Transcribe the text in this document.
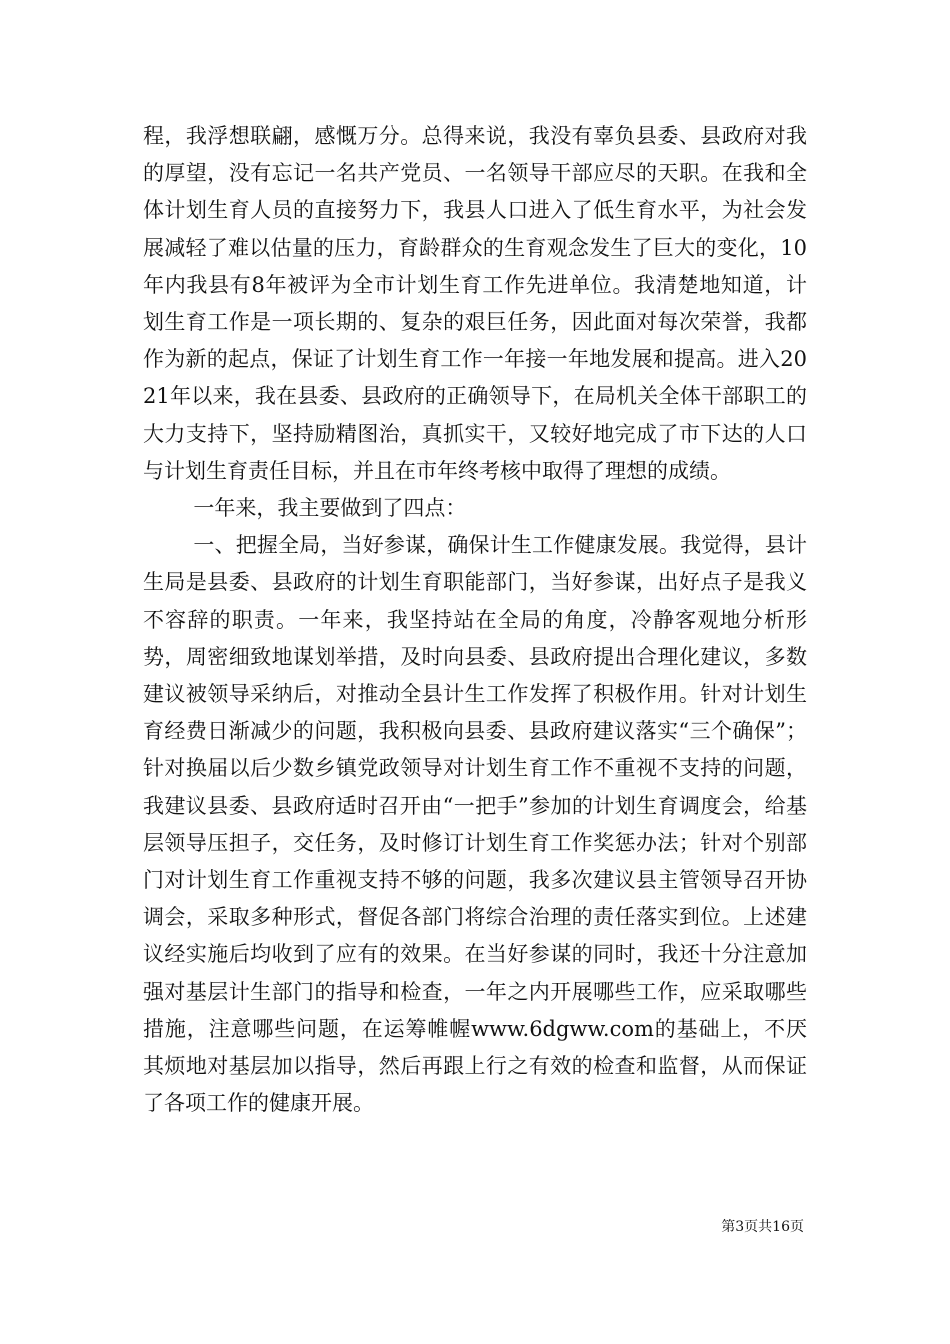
程，我浮想联翩，感慨万分。总得来说，我没有辜负县委、县政府对我的厚望，没有忘记一名共产党员、一名领导干部应尽的天职。在我和全体计划生育人员的直接努力下，我县人口进入了低生育水平，为社会发展减轻了难以估量的压力，育龄群众的生育观念发生了巨大的变化，10年内我县有8年被评为全市计划生育工作先进单位。我清楚地知道，计划生育工作是一项长期的、复杂的艰巨任务，因此面对每次荣誉，我都作为新的起点，保证了计划生育工作一年接一年地发展和提高。进入2021年以来，我在县委、县政府的正确领导下，在局机关全体干部职工的大力支持下，坚持励精图治，真抓实干，又较好地完成了市下达的人口与计划生育责任目标，并且在市年终考核中取得了理想的成绩。

一年来，我主要做到了四点：

一、把握全局，当好参谋，确保计生工作健康发展。我觉得，县计生局是县委、县政府的计划生育职能部门，当好参谋，出好点子是我义不容辞的职责。一年来，我坚持站在全局的角度，冷静客观地分析形势，周密细致地谋划举措，及时向县委、县政府提出合理化建议，多数建议被领导采纳后，对推动全县计生工作发挥了积极作用。针对计划生育经费日渐减少的问题，我积极向县委、县政府建议落实“三个确保”；针对换届以后少数乡镇党政领导对计划生育工作不重视不支持的问题，我建议县委、县政府适时召开由“一把手”参加的计划生育调度会，给基层领导压担子，交任务，及时修订计划生育工作奖惩办法；针对个别部门对计划生育工作重视支持不够的问题，我多次建议县主管领导召开协调会，采取多种形式，督促各部门将综合治理的责任落实到位。上述建议经实施后均收到了应有的效果。在当好参谋的同时，我还十分注意加强对基层计生部门的指导和检查，一年之内开展哪些工作，应采取哪些措施，注意哪些问题，在运筹帷幄www.6dgww.com的基础上，不厌其烦地对基层加以指导，然后再跟上行之有效的检查和监督，从而保证了各项工作的健康开展。

第3页共16页
